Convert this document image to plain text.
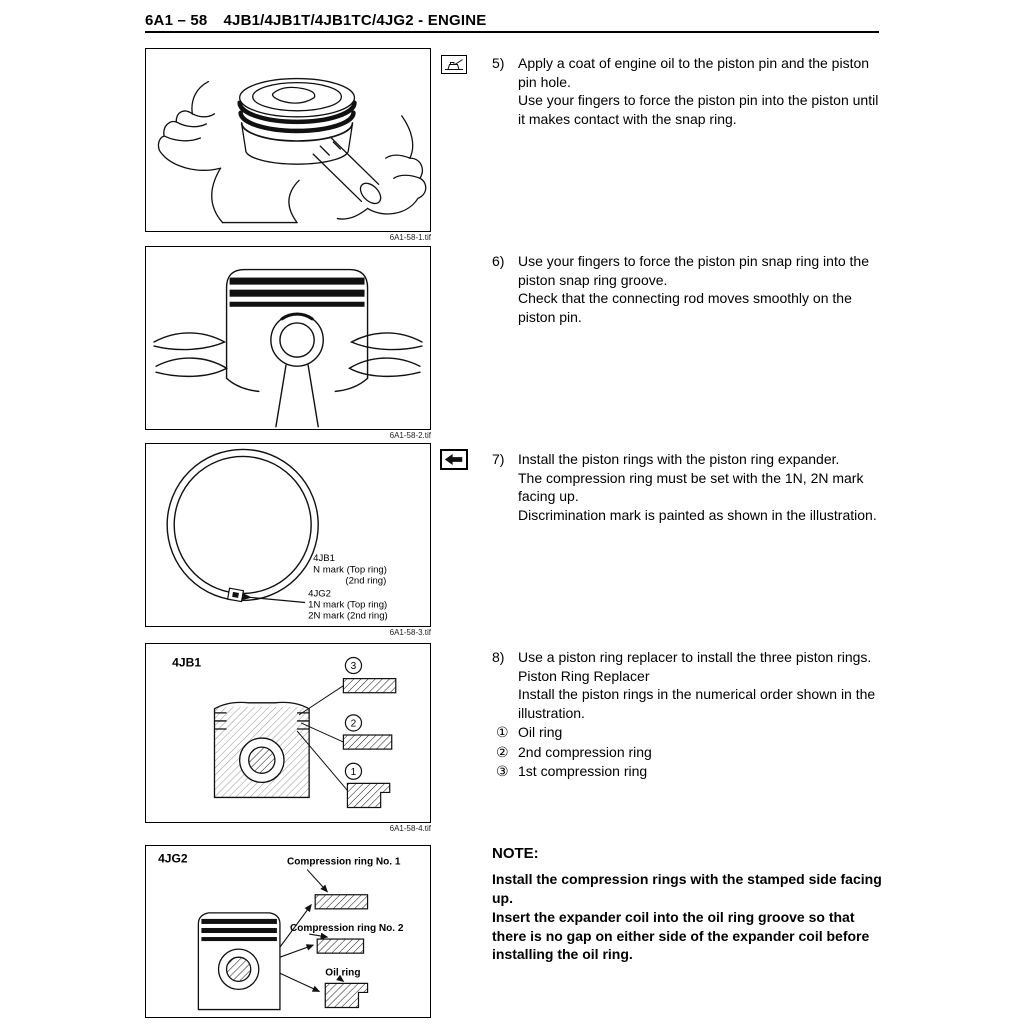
6A1 – 58 4JB1/4JB1T/4JB1TC/4JG2 - ENGINE
6A1-58-1.tif
6A1-58-2.tif
4JB1
N mark (Top ring)
(2nd ring)
4JG2
1N mark (Top ring)
2N mark (2nd ring)
6A1-58-3.tif
4JB1	3
2
1
6A1-58-4.tif
4JG2	Compression ring No. 1
Compression ring No. 2
Oil ring
5) Apply a coat of engine oil to the piston pin and the piston pin hole.

Use your fingers to force the piston pin into the piston until it makes contact with the snap ring.

6) Use your fingers to force the piston pin snap ring into the piston snap ring groove.

Check that the connecting rod moves smoothly on the piston pin.

7) Install the piston rings with the piston ring expander.

The compression ring must be set with the 1N, 2N mark facing up.

Discrimination mark is painted as shown in the illustration.

8) Use a piston ring replacer to install the three piston rings.

Piston Ring Replacer

Install the piston rings in the numerical order shown in the illustration.

① Oil ring
② 2nd compression ring
③ 1st compression ring
NOTE:

Install the compression rings with the stamped side facing up.

Insert the expander coil into the oil ring groove so that there is no gap on either side of the expander coil before installing the oil ring.
